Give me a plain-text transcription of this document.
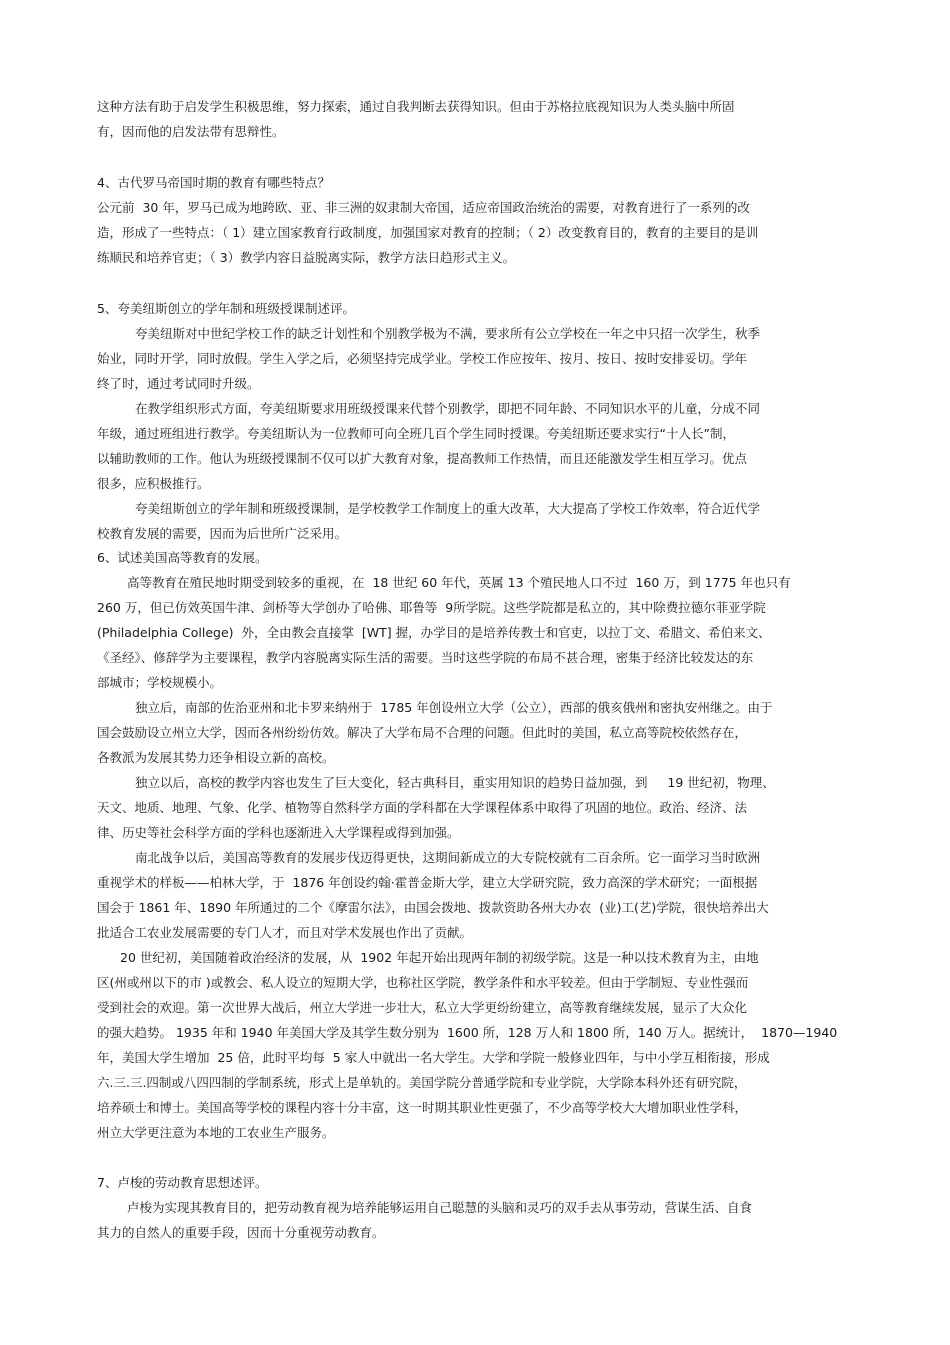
这种方法有助于启发学生积极思维，努力探索，通过自我判断去获得知识。但由于苏格拉底视知识为人类头脑中所固
有，因而他的启发法带有思辩性。
4、古代罗马帝国时期的教育有哪些特点？
公元前  30 年，罗马已成为地跨欧、亚、非三洲的奴隶制大帝国，适应帝国政治统治的需要，对教育进行了一系列的改
造，形成了一些特点：（ 1）建立国家教育行政制度，加强国家对教育的控制；（ 2）改变教育目的，教育的主要目的是训
练顺民和培养官吏；（ 3）教学内容日益脱离实际，教学方法日趋形式主义。
5、夸美纽斯创立的学年制和班级授课制述评。
夸美纽斯对中世纪学校工作的缺乏计划性和个别教学极为不满，要求所有公立学校在一年之中只招一次学生，秋季
始业，同时开学，同时放假。学生入学之后，必须坚持完成学业。学校工作应按年、按月、按日、按时安排妥切。学年
终了时，通过考试同时升级。
在教学组织形式方面，夸美纽斯要求用班级授课来代替个别教学，即把不同年龄、不同知识水平的儿童，分成不同
年级，通过班组进行教学。夸美纽斯认为一位教师可向全班几百个学生同时授课。夸美纽斯还要求实行“十人长”制，
以辅助教师的工作。他认为班级授课制不仅可以扩大教育对象，提高教师工作热情，而且还能激发学生相互学习。优点
很多，应积极推行。
夸美纽斯创立的学年制和班级授课制，是学校教学工作制度上的重大改革，大大提高了学校工作效率，符合近代学
校教育发展的需要，因而为后世所广泛采用。
6、试述美国高等教育的发展。
高等教育在殖民地时期受到较多的重视，在  18 世纪 60 年代，英属 13 个殖民地人口不过  160 万，到 1775 年也只有
260 万，但已仿效英国牛津、剑桥等大学创办了哈佛、耶鲁等  9所学院。这些学院都是私立的，其中除费拉德尔菲亚学院
(Philadelphia College)  外，全由教会直接掌  [WT] 握，办学目的是培养传教士和官吏，以拉丁文、希腊文、希伯来文、
《圣经》、修辞学为主要课程，教学内容脱离实际生活的需要。当时这些学院的布局不甚合理，密集于经济比较发达的东
部城市；学校规模小。
独立后，南部的佐治亚州和北卡罗来纳州于  1785 年创设州立大学（公立），西部的俄亥俄州和密执安州继之。由于
国会鼓励设立州立大学，因而各州纷纷仿效。解决了大学布局不合理的问题。但此时的美国，私立高等院校依然存在，
各教派为发展其势力还争相设立新的高校。
独立以后，高校的教学内容也发生了巨大变化，轻古典科目，重实用知识的趋势日益加强，到     19 世纪初，物理、
天文、地质、地理、气象、化学、植物等自然科学方面的学科都在大学课程体系中取得了巩固的地位。政治、经济、法
律、历史等社会科学方面的学科也逐渐进入大学课程或得到加强。
南北战争以后，美国高等教育的发展步伐迈得更快，这期间新成立的大专院校就有二百余所。它一面学习当时欧洲
重视学术的样板——柏林大学，于  1876 年创设约翰·霍普金斯大学，建立大学研究院，致力高深的学术研究；一面根据
国会于 1861 年、1890 年所通过的二个《摩雷尔法》，由国会拨地、拨款资助各州大办农  (业)工(艺)学院，很快培养出大
批适合工农业发展需要的专门人才，而且对学术发展也作出了贡献。
20 世纪初，美国随着政治经济的发展，从  1902 年起开始出现两年制的初级学院。这是一种以技术教育为主，由地
区(州或州以下的市 )或教会、私人设立的短期大学，也称社区学院，教学条件和水平较差。但由于学制短、专业性强而
受到社会的欢迎。第一次世界大战后，州立大学进一步壮大，私立大学更纷纷建立，高等教育继续发展，显示了大众化
的强大趋势。 1935 年和 1940 年美国大学及其学生数分别为  1600 所，128 万人和 1800 所，140 万人。据统计，  1870—1940
年，美国大学生增加  25 倍，此时平均每  5 家人中就出一名大学生。大学和学院一般修业四年，与中小学互相衔接，形成
六.三.三.四制或八四四制的学制系统，形式上是单轨的。美国学院分普通学院和专业学院，大学除本科外还有研究院，
培养硕士和博士。美国高等学校的课程内容十分丰富，这一时期其职业性更强了，不少高等学校大大增加职业性学科，
州立大学更注意为本地的工农业生产服务。
7、卢梭的劳动教育思想述评。
卢梭为实现其教育目的，把劳动教育视为培养能够运用自己聪慧的头脑和灵巧的双手去从事劳动，营谋生活、自食
其力的自然人的重要手段，因而十分重视劳动教育。
